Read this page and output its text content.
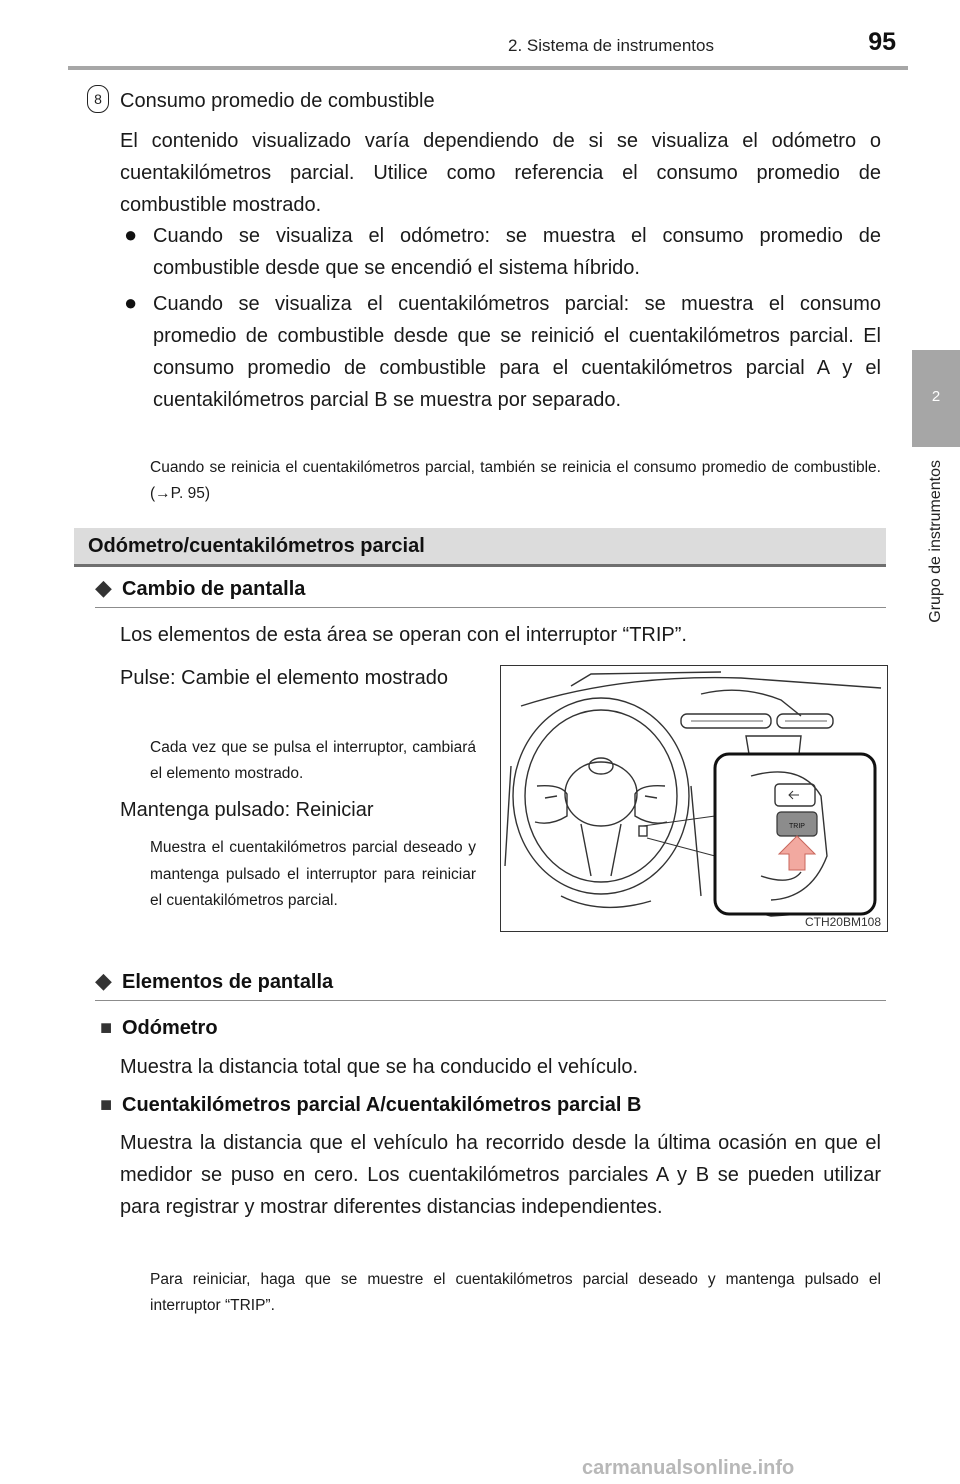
2. Sistema de instrumentos	95
2
Grupo de instrumentos
8 Consumo promedio de combustible
El contenido visualizado varía dependiendo de si se visualiza el odómetro o cuentakilómetros parcial. Utilice como referencia el consumo promedio de combustible mostrado.
● Cuando se visualiza el odómetro: se muestra el consumo promedio de combustible desde que se encendió el sistema híbrido.
● Cuando se visualiza el cuentakilómetros parcial: se muestra el consumo promedio de combustible desde que se reinició el cuentakilómetros parcial. El consumo promedio de combustible para el cuentakilómetros parcial A y el cuentakilómetros parcial B se muestra por separado.
Cuando se reinicia el cuentakilómetros parcial, también se reinicia el consumo promedio de combustible. (→P. 95)
Odómetro/cuentakilómetros parcial
◆ Cambio de pantalla
Los elementos de esta área se operan con el interruptor “TRIP”.
Pulse: Cambie el elemento mostrado
Cada vez que se pulsa el interruptor, cambiará el elemento mostrado.
Mantenga pulsado: Reiniciar
Muestra el cuentakilómetros parcial deseado y mantenga pulsado el interruptor para reiniciar el cuentakilómetros parcial.
TRIP
CTH20BM108
◆ Elementos de pantalla
■ Odómetro
Muestra la distancia total que se ha conducido el vehículo.
■ Cuentakilómetros parcial A/cuentakilómetros parcial B
Muestra la distancia que el vehículo ha recorrido desde la última ocasión en que el medidor se puso en cero. Los cuentakilómetros parciales A y B se pueden utilizar para registrar y mostrar diferentes distancias independientes.
Para reiniciar, haga que se muestre el cuentakilómetros parcial deseado y mantenga pulsado el interruptor “TRIP”.
carmanualsonline.info
